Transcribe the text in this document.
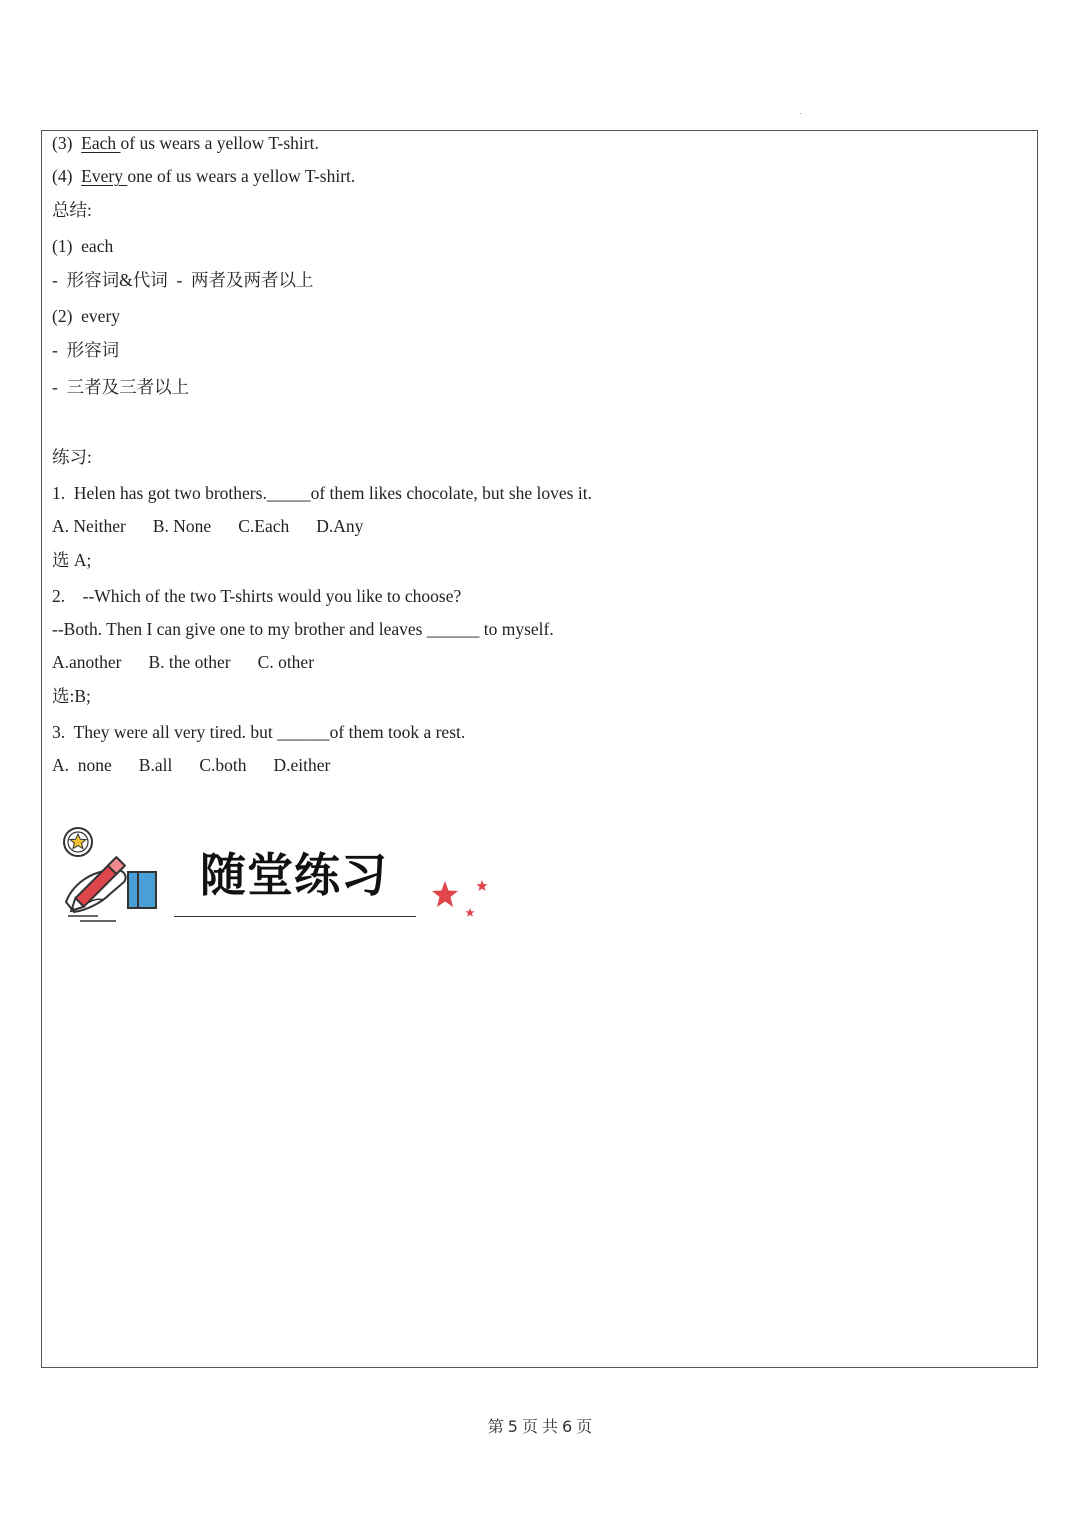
(3) Each of us wears a yellow T-shirt.
(4) Every one of us wears a yellow T-shirt.
总结:
(1)  each
-  形容词&代词  -  两者及两者以上
(2)  every
-  形容词
-  三者及三者以上
练习:
1.  Helen has got two brothers._____of them likes chocolate, but she loves it.
A. Neither B. None C.Each D.Any
选 A;
2.    --Which of the two T-shirts would you like to choose?
--Both. Then I can give one to my brother and leaves ______ to myself.
A.another B. the other C. other
选:B;
3.  They were all very tired. but ______of them took a rest.
A.  none B.all C.both D.either
随堂练习
第 5 页 共 6 页
